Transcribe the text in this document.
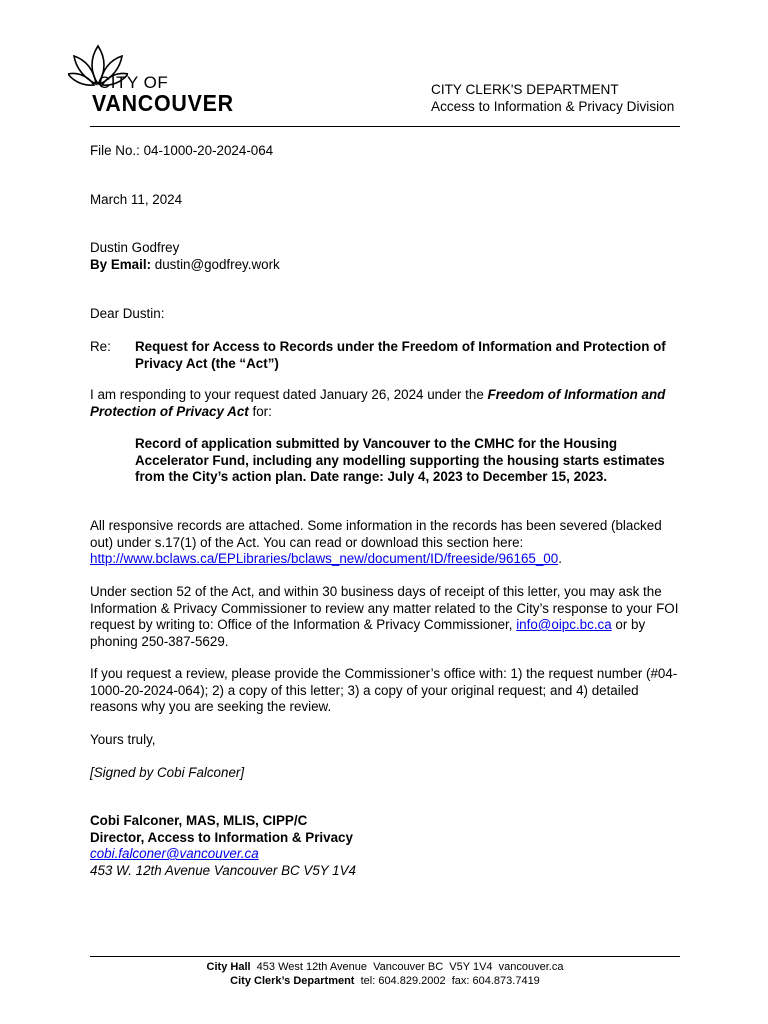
CITY OF
VANCOUVER
CITY CLERK'S DEPARTMENT
Access to Information & Privacy Division
File No.: 04-1000-20-2024-064
March 11, 2024
Dustin Godfrey
By Email: dustin@godfrey.work
Dear Dustin:
Re: Request for Access to Records under the Freedom of Information and Protection of Privacy Act (the “Act”)
I am responding to your request dated January 26, 2024 under the Freedom of Information and Protection of Privacy Act for:
Record of application submitted by Vancouver to the CMHC for the Housing Accelerator Fund, including any modelling supporting the housing starts estimates from the City’s action plan. Date range: July 4, 2023 to December 15, 2023.
All responsive records are attached. Some information in the records has been severed (blacked out) under s.17(1) of the Act. You can read or download this section here: http://www.bclaws.ca/EPLibraries/bclaws_new/document/ID/freeside/96165_00.
Under section 52 of the Act, and within 30 business days of receipt of this letter, you may ask the Information & Privacy Commissioner to review any matter related to the City’s response to your FOI request by writing to: Office of the Information & Privacy Commissioner, info@oipc.bc.ca or by phoning 250-387-5629.
If you request a review, please provide the Commissioner’s office with: 1) the request number (#04-1000-20-2024-064); 2) a copy of this letter; 3) a copy of your original request; and 4) detailed reasons why you are seeking the review.
Yours truly,
[Signed by Cobi Falconer]
Cobi Falconer, MAS, MLIS, CIPP/C
Director, Access to Information & Privacy
cobi.falconer@vancouver.ca
453 W. 12th Avenue Vancouver BC V5Y 1V4
City Hall  453 West 12th Avenue  Vancouver BC  V5Y 1V4  vancouver.ca
City Clerk’s Department  tel: 604.829.2002  fax: 604.873.7419
